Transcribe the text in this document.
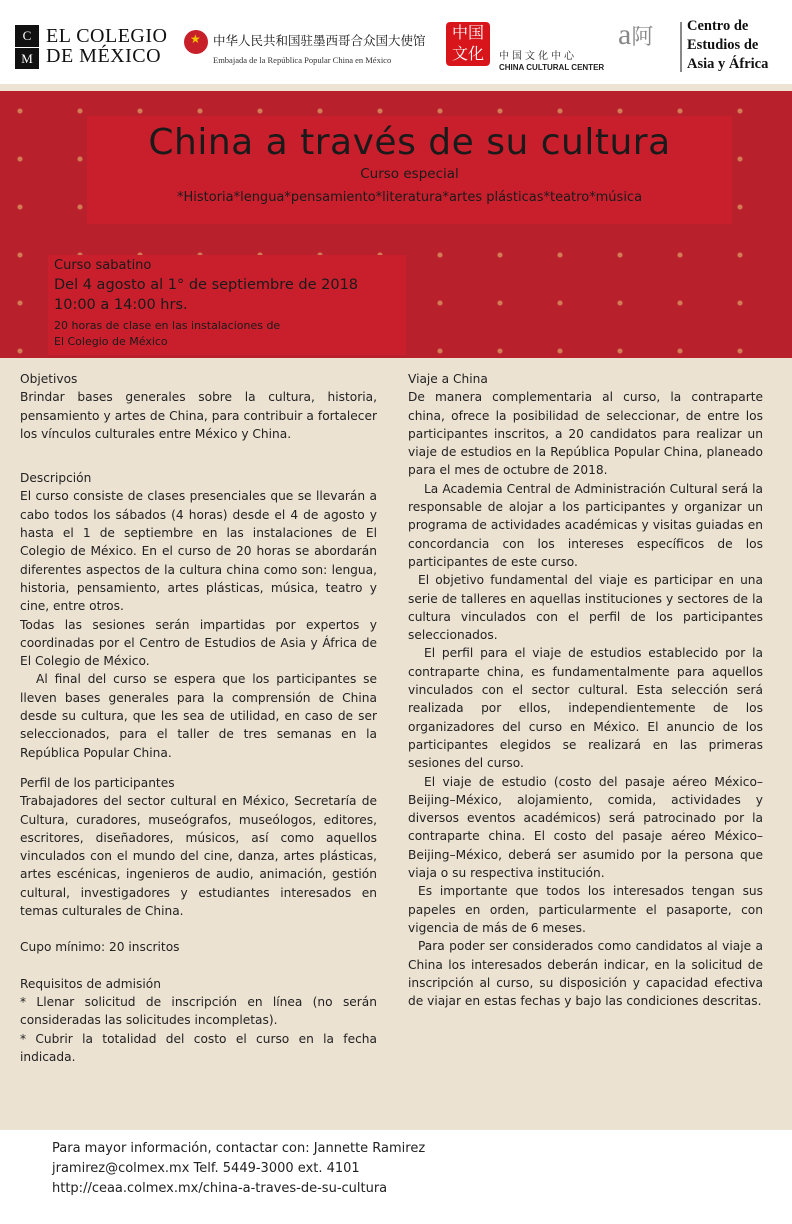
C
M
EL COLEGIO
DE MÉXICO
★
中华人民共和国驻墨西哥合众国大使馆
Embajada de la República Popular China en México
中国 文化	中国文化中心
CHINA CULTURAL CENTER
a阿	Centro de
Estudios de
Asia y África
China a través de su cultura
Curso especial
*Historia*lengua*pensamiento*literatura*artes plásticas*teatro*música
Curso sabatino
Del 4 agosto al 1° de septiembre de 2018
10:00 a 14:00 hrs.
20 horas de clase en las instalaciones de
El Colegio de México

Objetivos

Brindar bases generales sobre la cultura, historia, pensamiento y artes de China, para contribuir a fortalecer los vínculos culturales entre México y China.

Descripción

El curso consiste de clases presenciales que se llevarán a cabo todos los sábados (4 horas) desde el 4 de agosto y hasta el 1 de septiembre en las instalaciones de El Colegio de México. En el curso de 20 horas se abordarán diferentes aspectos de la cultura china como son: lengua, historia, pensamiento, artes plásticas, música, teatro y cine, entre otros.

Todas las sesiones serán impartidas por expertos y coordinadas por el Centro de Estudios de Asia y África de El Colegio de México.

Al final del curso se espera que los participantes se lleven bases generales para la comprensión de China desde su cultura, que les sea de utilidad, en caso de ser seleccionados, para el taller de tres semanas en la República Popular China.

Perfil de los participantes

Trabajadores del sector cultural en México, Secretaría de Cultura, curadores, museógrafos, museólogos, editores, escritores, diseñadores, músicos, así como aquellos vinculados con el mundo del cine, danza, artes plásticas, artes escénicas, ingenieros de audio, animación, gestión cultural, investigadores y estudiantes interesados en temas culturales de China.

Cupo mínimo: 20 inscritos

Requisitos de admisión

* Llenar solicitud de inscripción en línea (no serán consideradas las solicitudes incompletas).

* Cubrir la totalidad del costo el curso en la fecha indicada.

Viaje a China

De manera complementaria al curso, la contraparte china, ofrece la posibilidad de seleccionar, de entre los participantes inscritos, a 20 candidatos para realizar un viaje de estudios en la República Popular China, planeado para el mes de octubre de 2018.

La Academia Central de Administración Cultural será la responsable de alojar a los participantes y organizar un programa de actividades académicas y visitas guiadas en concordancia con los intereses específicos de los participantes de este curso.

El objetivo fundamental del viaje es participar en una serie de talleres en aquellas instituciones y sectores de la cultura vinculados con el perfil de los participantes seleccionados.

El perfil para el viaje de estudios establecido por la contraparte china, es fundamentalmente para aquellos vinculados con el sector cultural. Esta selección será realizada por ellos, independientemente de los organizadores del curso en México. El anuncio de los participantes elegidos se realizará en las primeras sesiones del curso.

El viaje de estudio (costo del pasaje aéreo México–Beijing–México, alojamiento, comida, actividades y diversos eventos académicos) será patrocinado por la contraparte china. El costo del pasaje aéreo México–Beijing–México, deberá ser asumido por la persona que viaja o su respectiva institución.

Es importante que todos los interesados tengan sus papeles en orden, particularmente el pasaporte, con vigencia de más de 6 meses.

Para poder ser considerados como candidatos al viaje a China los interesados deberán indicar, en la solicitud de inscripción al curso, su disposición y capacidad efectiva de viajar en estas fechas y bajo las condiciones descritas.

Para mayor información, contactar con: Jannette Ramirez
jramirez@colmex.mx Telf. 5449-3000 ext. 4101
http://ceaa.colmex.mx/china-a-traves-de-su-cultura
